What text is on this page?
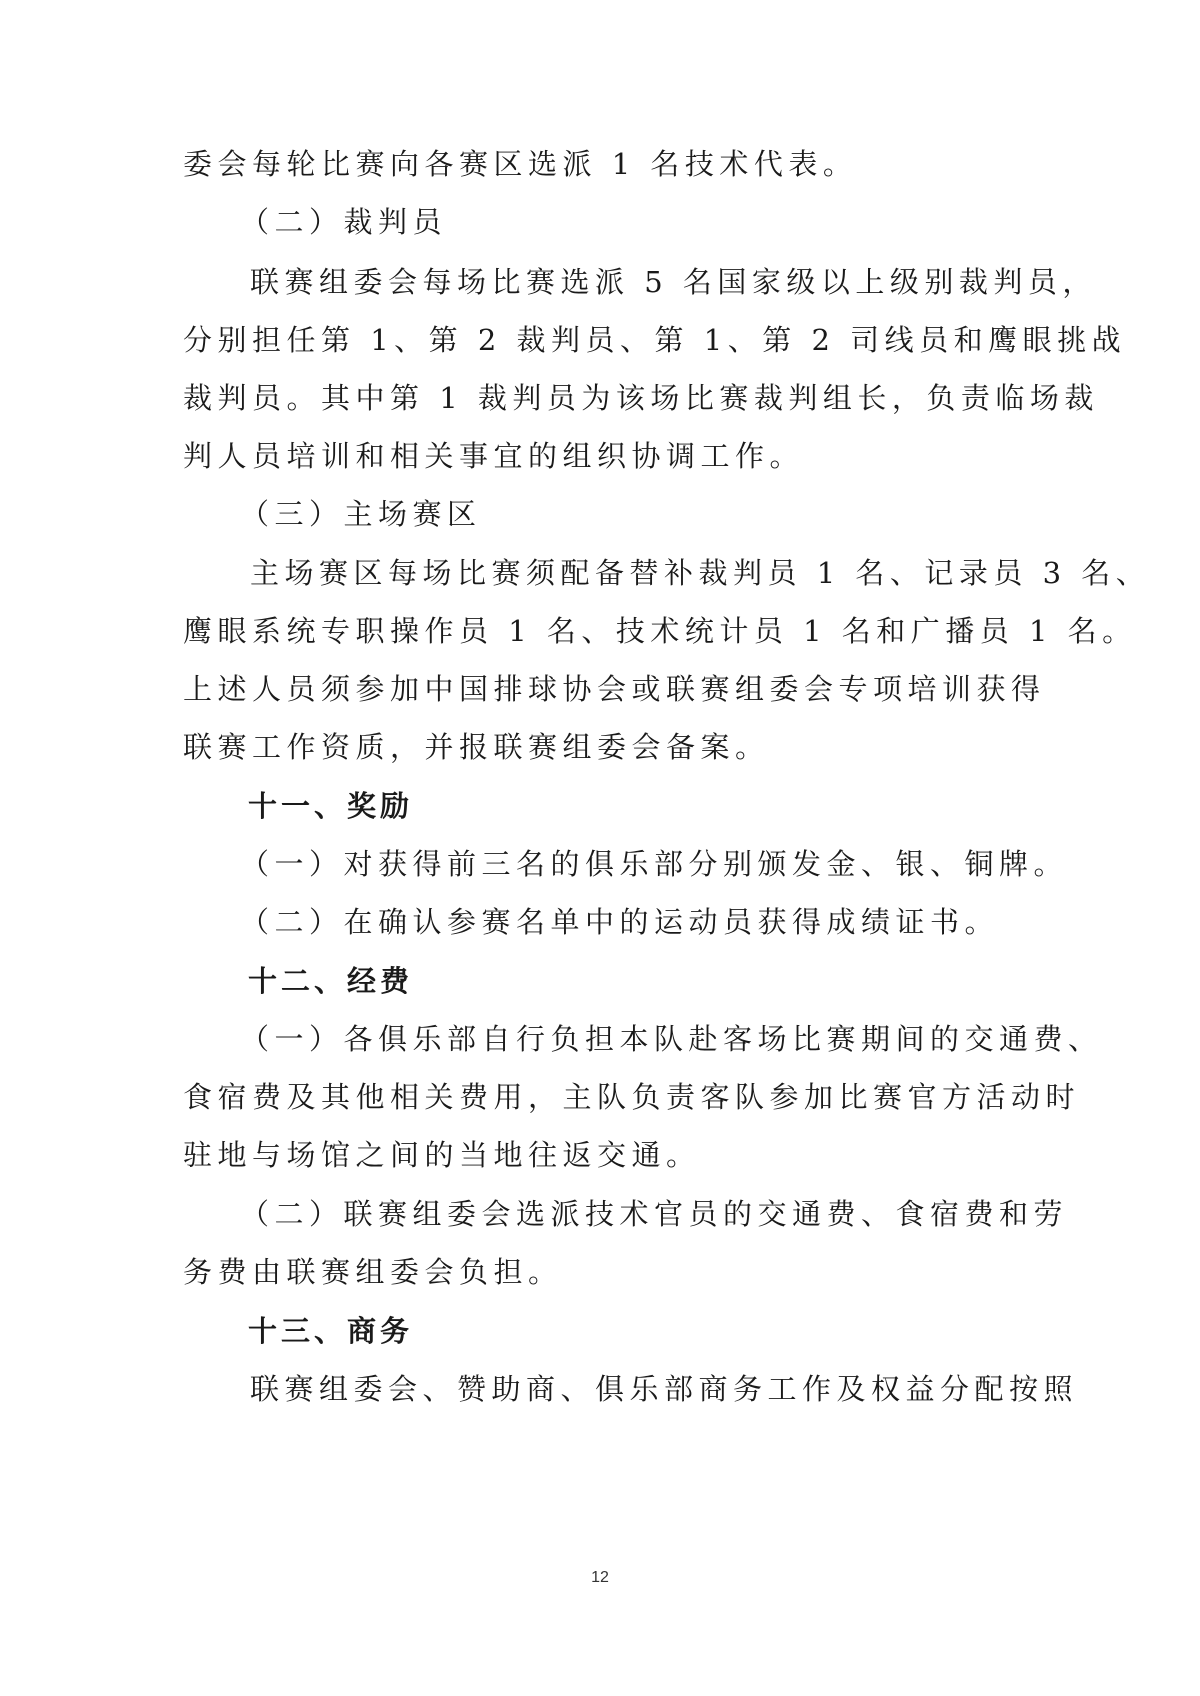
委会每轮比赛向各赛区选派 1 名技术代表。
（二）裁判员
联赛组委会每场比赛选派 5 名国家级以上级别裁判员，
分别担任第 1、第 2 裁判员、第 1、第 2 司线员和鹰眼挑战
裁判员。其中第 1 裁判员为该场比赛裁判组长，负责临场裁
判人员培训和相关事宜的组织协调工作。
（三）主场赛区
主场赛区每场比赛须配备替补裁判员 1 名、记录员 3 名、
鹰眼系统专职操作员 1 名、技术统计员 1 名和广播员 1 名。
上述人员须参加中国排球协会或联赛组委会专项培训获得
联赛工作资质，并报联赛组委会备案。
十一、奖励
（一）对获得前三名的俱乐部分别颁发金、银、铜牌。
（二）在确认参赛名单中的运动员获得成绩证书。
十二、经费
（一）各俱乐部自行负担本队赴客场比赛期间的交通费、
食宿费及其他相关费用，主队负责客队参加比赛官方活动时
驻地与场馆之间的当地往返交通。
（二）联赛组委会选派技术官员的交通费、食宿费和劳
务费由联赛组委会负担。
十三、商务
联赛组委会、赞助商、俱乐部商务工作及权益分配按照
12
